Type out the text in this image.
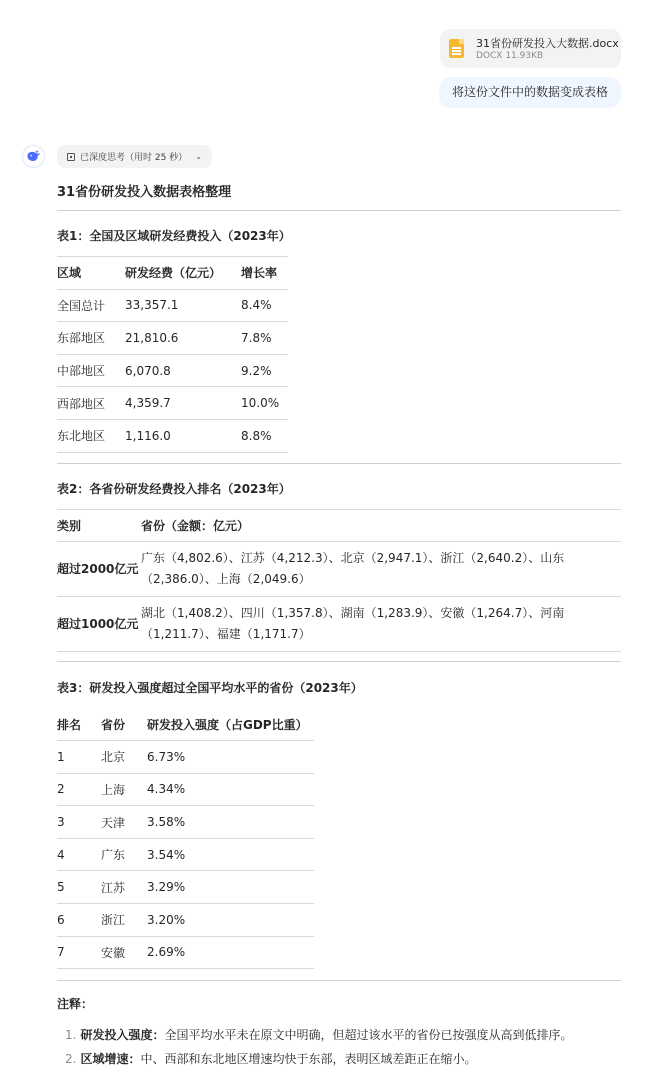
31省份研发投入大数据.docx
DOCX 11.93KB
将这份文件中的数据变成表格
已深度思考（用时 25 秒） ⌄
31省份研发投入数据表格整理
表1：全国及区域研发经费投入（2023年）
区域	研发经费（亿元）	增长率
全国总计	33,357.1	8.4%
东部地区	21,810.6	7.8%
中部地区	6,070.8	9.2%
西部地区	4,359.7	10.0%
东北地区	1,116.0	8.8%
表2：各省份研发经费投入排名（2023年）
类别	省份（金额：亿元）
超过2000亿元	广东（4,802.6）、江苏（4,212.3）、北京（2,947.1）、浙江（2,640.2）、山东（2,386.0）、上海（2,049.6）
超过1000亿元	湖北（1,408.2）、四川（1,357.8）、湖南（1,283.9）、安徽（1,264.7）、河南（1,211.7）、福建（1,171.7）
表3：研发投入强度超过全国平均水平的省份（2023年）
排名	省份	研发投入强度（占GDP比重）
1	北京	6.73%
2	上海	4.34%
3	天津	3.58%
4	广东	3.54%
5	江苏	3.29%
6	浙江	3.20%
7	安徽	2.69%
注释：
1. 研发投入强度：全国平均水平未在原文中明确，但超过该水平的省份已按强度从高到低排序。
2. 区域增速：中、西部和东北地区增速均快于东部，表明区域差距正在缩小。
